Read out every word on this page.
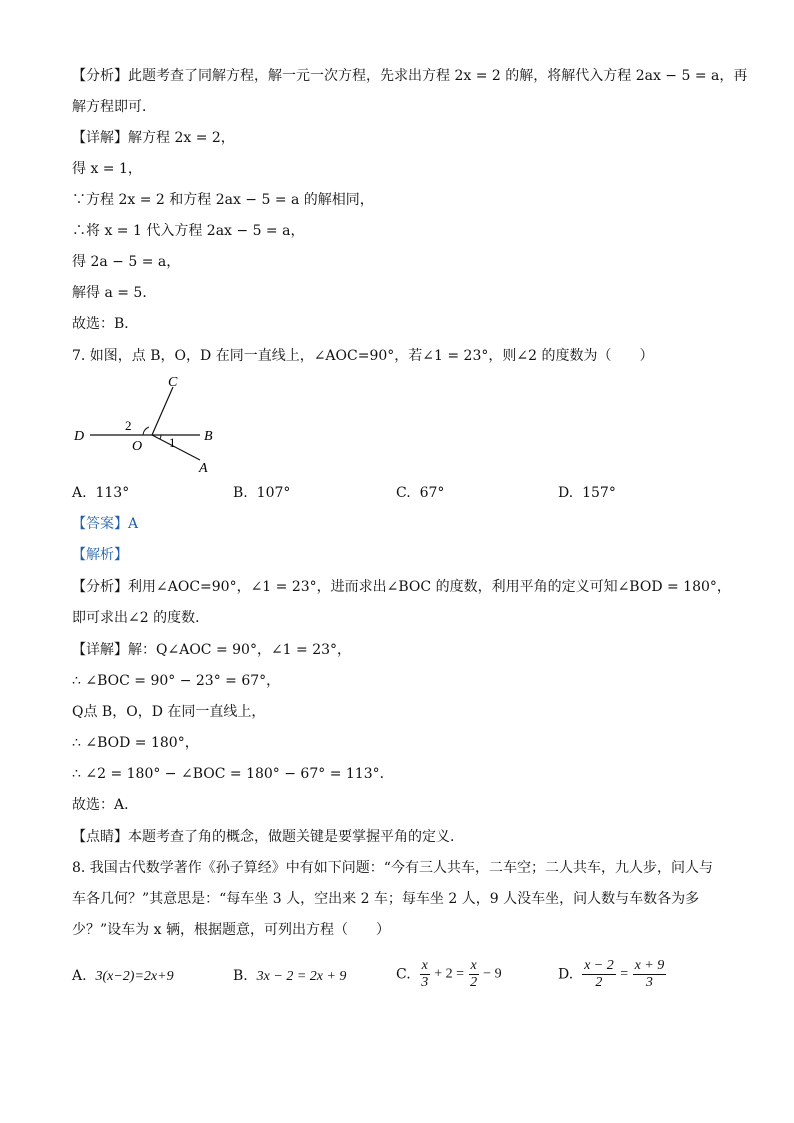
【分析】此题考查了同解方程，解一元一次方程，先求出方程 2x = 2 的解，将解代入方程 2ax − 5 = a，再
解方程即可．
【详解】解方程 2x = 2，
得 x = 1，
∵方程 2x = 2 和方程 2ax − 5 = a 的解相同，
∴将 x = 1 代入方程 2ax − 5 = a，
得 2a − 5 = a，
解得 a = 5．
故选：B．
7. 如图，点 B，O，D 在同一直线上，∠AOC=90°，若∠1 = 23°，则∠2 的度数为（　　）
C
D	B
O
A
1
2
A. 113°	B. 107°	C. 67°	D. 157°
【答案】A
【解析】
【分析】利用∠AOC=90°，∠1 = 23°，进而求出∠BOC 的度数，利用平角的定义可知∠BOD = 180°，
即可求出∠2 的度数．
【详解】解：Q∠AOC = 90°，∠1 = 23°，
∴ ∠BOC = 90° − 23° = 67°，
Q点 B，O，D 在同一直线上，
∴ ∠BOD = 180°，
∴ ∠2 = 180° − ∠BOC = 180° − 67° = 113°．
故选：A．
【点睛】本题考查了角的概念，做题关键是要掌握平角的定义．
8. 我国古代数学著作《孙子算经》中有如下问题：“今有三人共车，二车空；二人共车，九人步，问人与
车各几何？”其意思是：“每车坐 3 人，空出来 2 车；每车坐 2 人，9 人没车坐，问人数与车数各为多
少？”设车为 x 辆，根据题意，可列出方程（　　）
A. 3(x−2)=2x+9	B. 3x − 2 = 2x + 9	C. $\frac{x}{3} + 2 = \frac{x}{2} - 9$	D. $\frac{x - 2}{2} = \frac{x + 9}{3}$
